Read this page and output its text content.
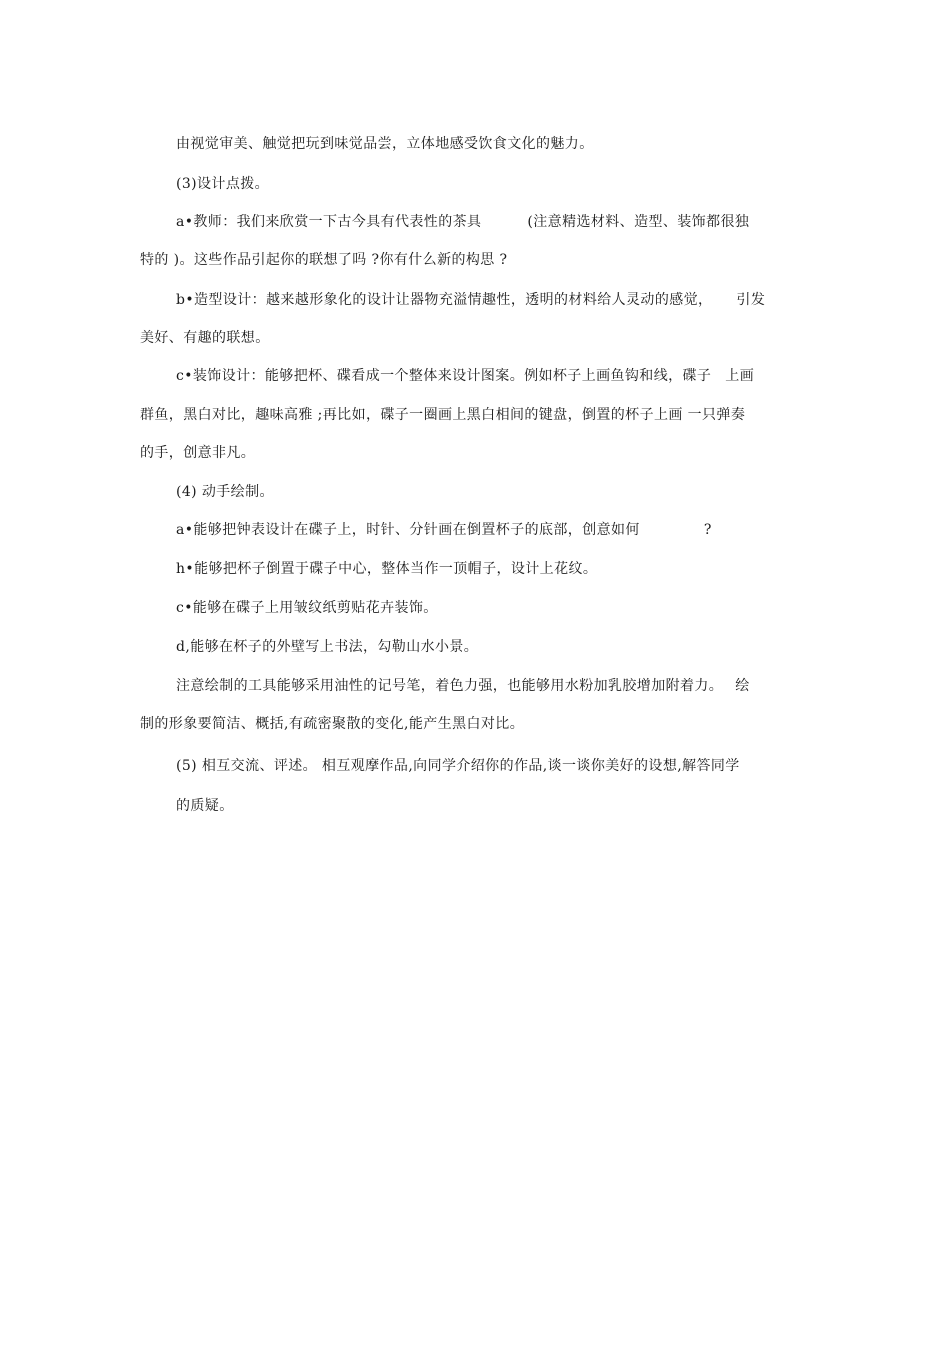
由视觉审美、触觉把玩到味觉品尝，立体地感受饮食文化的魅力。
(3)设计点拨。
a•教师：我们来欣赏一下古今具有代表性的茶具	(注意精选材料、造型、装饰都很独
特的 )。这些作品引起你的联想了吗 ?你有什么新的构思 ?
b•造型设计：越来越形象化的设计让器物充溢情趣性，透明的材料给人灵动的感觉， 引发
美好、有趣的联想。
c•装饰设计：能够把杯、碟看成一个整体来设计图案。例如杯子上画鱼钩和线，碟子 上画
群鱼，黑白对比，趣味高雅 ;再比如，碟子一圈画上黑白相间的键盘，倒置的杯子上画 一只弹奏
的手，创意非凡。
(4) 动手绘制。
a•能够把钟表设计在碟子上，时针、分针画在倒置杯子的底部，创意如何	?
h•能够把杯子倒置于碟子中心，整体当作一顶帽子，设计上花纹。
c•能够在碟子上用皱纹纸剪贴花卉装饰。
d,能够在杯子的外壁写上书法，勾勒山水小景。
注意绘制的工具能够采用油性的记号笔，着色力强，也能够用水粉加乳胶增加附着力。 绘
制的形象要简洁、概括,有疏密聚散的变化,能产生黑白对比。
(5) 相互交流、评述。 相互观摩作品,向同学介绍你的作品,谈一谈你美好的设想,解答同学
的质疑。
